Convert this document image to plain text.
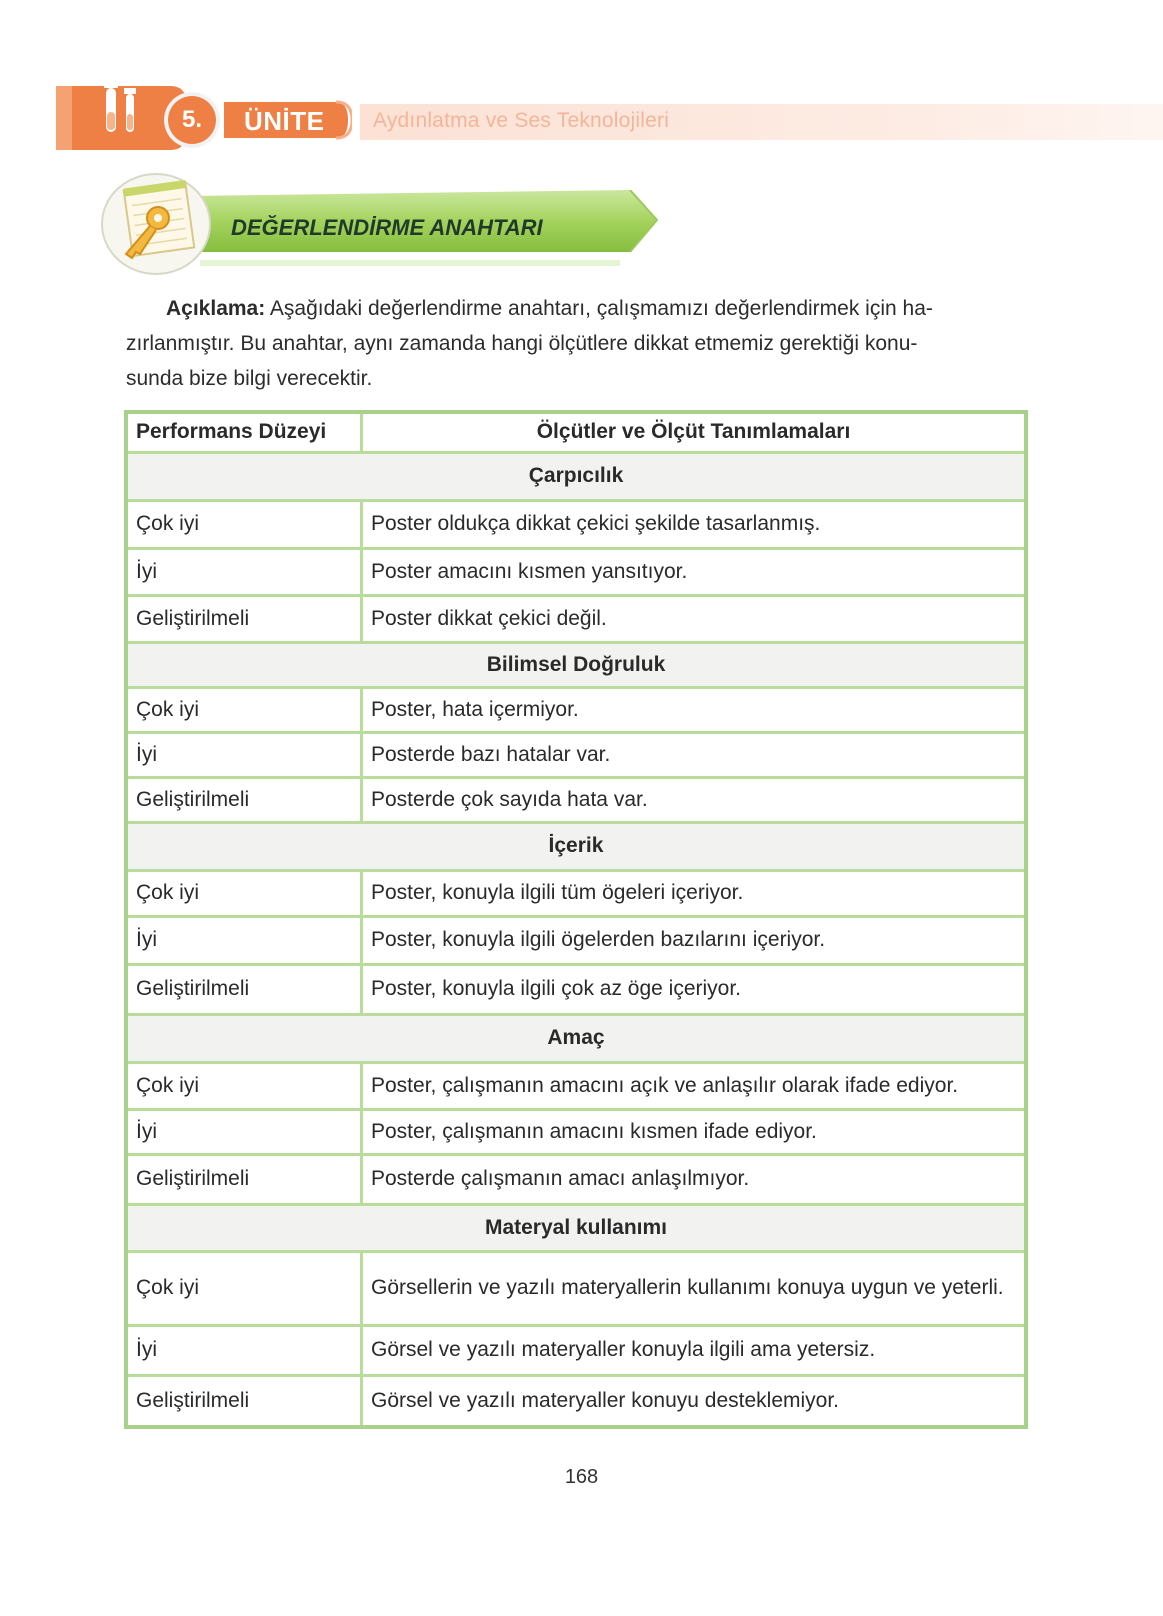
Aydınlatma ve Ses Teknolojileri
5.	ÜNİTE
DEĞERLENDİRME ANAHTARI
Açıklama: Aşağıdaki değerlendirme anahtarı, çalışmamızı değerlendirmek için ha-
zırlanmıştır. Bu anahtar, aynı zamanda hangi ölçütlere dikkat etmemiz gerektiği konu-
sunda bize bilgi verecektir.
Performans Düzeyi	Ölçütler ve Ölçüt Tanımlamaları
Çarpıcılık	
Çok iyi	Poster oldukça dikkat çekici şekilde tasarlanmış.
İyi	Poster amacını kısmen yansıtıyor.
Geliştirilmeli	Poster dikkat çekici değil.
Bilimsel Doğruluk	
Çok iyi	Poster, hata içermiyor.
İyi	Posterde bazı hatalar var.
Geliştirilmeli	Posterde çok sayıda hata var.
İçerik	
Çok iyi	Poster, konuyla ilgili tüm ögeleri içeriyor.
İyi	Poster, konuyla ilgili ögelerden bazılarını içeriyor.
Geliştirilmeli	Poster, konuyla ilgili çok az öge içeriyor.
Amaç	
Çok iyi	Poster, çalışmanın amacını açık ve anlaşılır olarak ifade ediyor.
İyi	Poster, çalışmanın amacını kısmen ifade ediyor.
Geliştirilmeli	Posterde çalışmanın amacı anlaşılmıyor.
Materyal kullanımı	
Çok iyi	Görsellerin ve yazılı materyallerin kullanımı konuya uygun ve yeterli.
İyi	Görsel ve yazılı materyaller konuyla ilgili ama yetersiz.
Geliştirilmeli	Görsel ve yazılı materyaller konuyu desteklemiyor.
168
